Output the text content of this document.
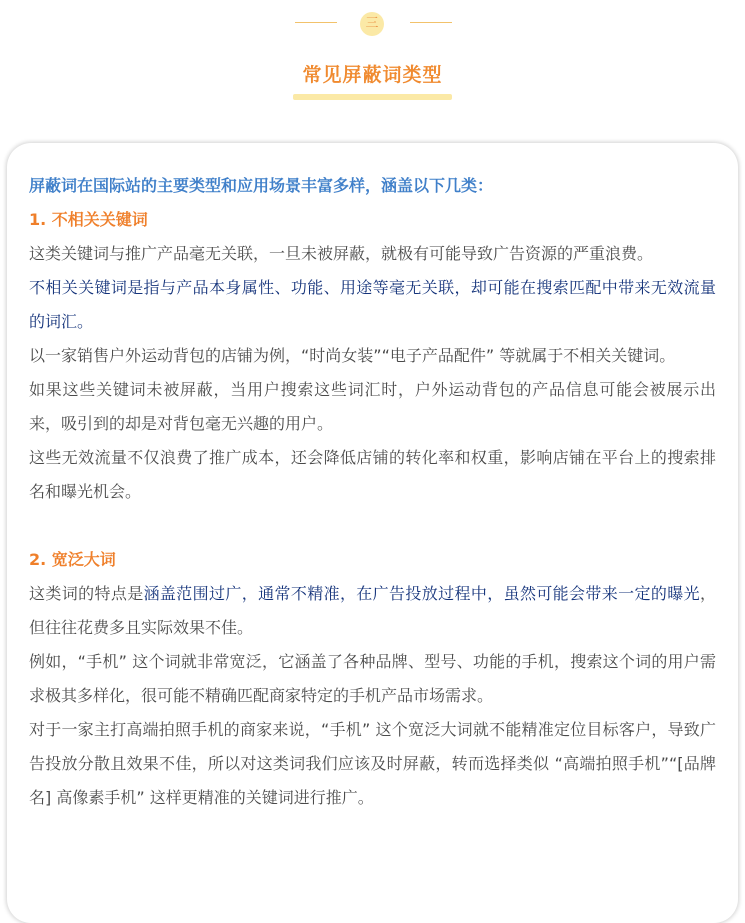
三
常见屏蔽词类型

屏蔽词在国际站的主要类型和应用场景丰富多样，涵盖以下几类：

1. 不相关关键词

这类关键词与推广产品毫无关联，一旦未被屏蔽，就极有可能导致广告资源的严重浪费。

不相关关键词是指与产品本身属性、功能、用途等毫无关联，却可能在搜索匹配中带来无效流量的词汇。

以一家销售户外运动背包的店铺为例，“时尚女装”“电子产品配件” 等就属于不相关关键词。

如果这些关键词未被屏蔽，当用户搜索这些词汇时，户外运动背包的产品信息可能会被展示出来，吸引到的却是对背包毫无兴趣的用户。

这些无效流量不仅浪费了推广成本，还会降低店铺的转化率和权重，影响店铺在平台上的搜索排名和曝光机会。

2. 宽泛大词

这类词的特点是涵盖范围过广，通常不精准，在广告投放过程中，虽然可能会带来一定的曝光，但往往花费多且实际效果不佳。

例如，“手机” 这个词就非常宽泛，它涵盖了各种品牌、型号、功能的手机，搜索这个词的用户需求极其多样化，很可能不精确匹配商家特定的手机产品市场需求。

对于一家主打高端拍照手机的商家来说，“手机” 这个宽泛大词就不能精准定位目标客户，导致广告投放分散且效果不佳，所以对这类词我们应该及时屏蔽，转而选择类似 “高端拍照手机”“[品牌名] 高像素手机” 这样更精准的关键词进行推广。
